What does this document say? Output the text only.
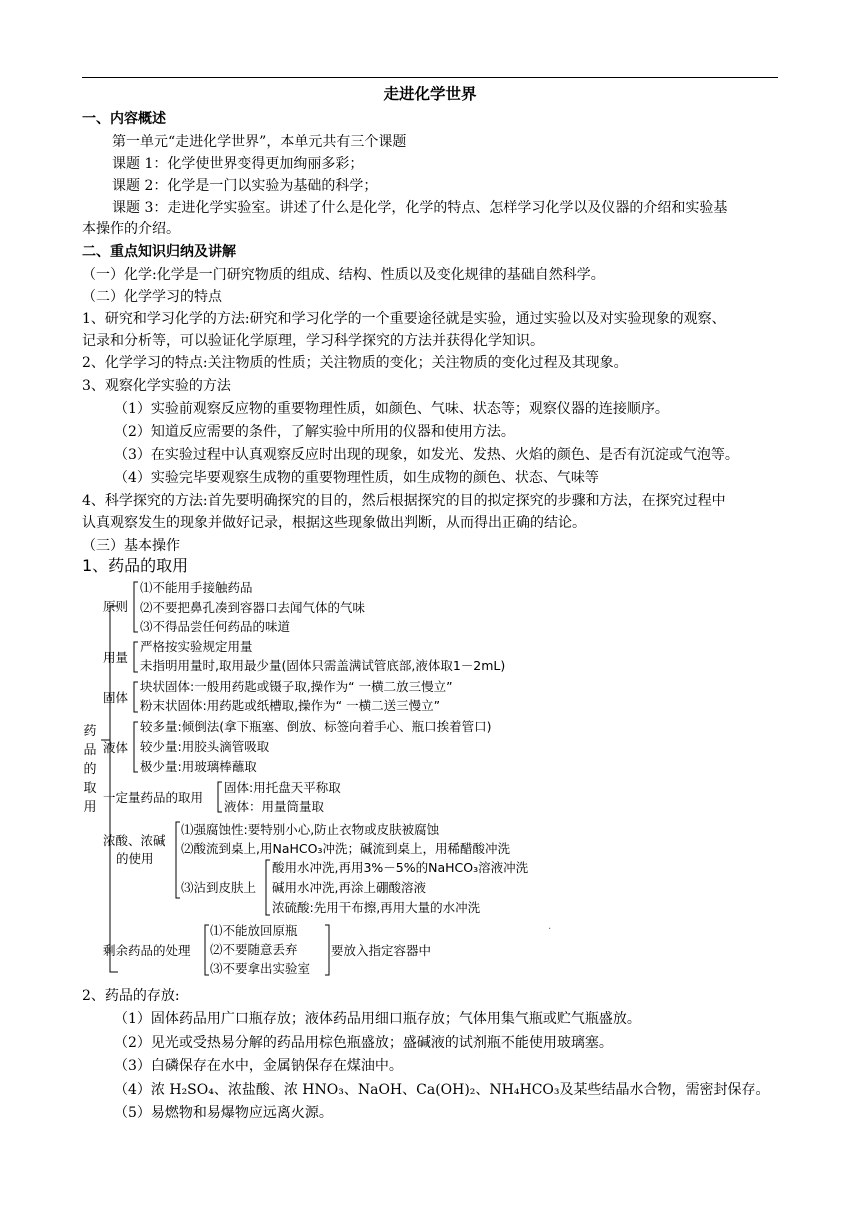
走进化学世界
一、内容概述
第一单元“走进化学世界”，本单元共有三个课题
课题 1：化学使世界变得更加绚丽多彩；
课题 2：化学是一门以实验为基础的科学；
课题 3：走进化学实验室。讲述了什么是化学，化学的特点、怎样学习化学以及仪器的介绍和实验基
本操作的介绍。
二、重点知识归纳及讲解
（一）化学:化学是一门研究物质的组成、结构、性质以及变化规律的基础自然科学。
（二）化学学习的特点
1、研究和学习化学的方法:研究和学习化学的一个重要途径就是实验，通过实验以及对实验现象的观察、
记录和分析等，可以验证化学原理，学习科学探究的方法并获得化学知识。
2、化学学习的特点:关注物质的性质；关注物质的变化；关注物质的变化过程及其现象。
3、观察化学实验的方法
（1）实验前观察反应物的重要物理性质，如颜色、气味、状态等；观察仪器的连接顺序。
（2）知道反应需要的条件，了解实验中所用的仪器和使用方法。
（3）在实验过程中认真观察反应时出现的现象，如发光、发热、火焰的颜色、是否有沉淀或气泡等。
（4）实验完毕要观察生成物的重要物理性质，如生成物的颜色、状态、气味等
4、科学探究的方法:首先要明确探究的目的，然后根据探究的目的拟定探究的步骤和方法，在探究过程中
认真观察发生的现象并做好记录，根据这些现象做出判断，从而得出正确的结论。
（三）基本操作
1、药品的取用
药
品
的
取
用
原则
⑴不能用手接触药品
⑵不要把鼻孔凑到容器口去闻气体的气味
⑶不得品尝任何药品的味道
用量
严格按实验规定用量
未指明用量时,取用最少量(固体只需盖满试管底部,液体取1－2mL)
固体
块状固体:一般用药匙或镊子取,操作为“ 一横二放三慢立”
粉末状固体:用药匙或纸槽取,操作为“ 一横二送三慢立”
液体
较多量:倾倒法(拿下瓶塞、倒放、标签向着手心、瓶口挨着管口)
较少量:用胶头滴管吸取
极少量:用玻璃棒蘸取
一定量药品的取用
固体:用托盘天平称取
液体：用量筒量取
浓酸、浓碱
的使用
⑴强腐蚀性:要特别小心,防止衣物或皮肤被腐蚀
⑵酸流到桌上,用NaHCO₃冲洗；碱流到桌上，用稀醋酸冲洗
⑶沾到皮肤上
酸用水冲洗,再用3%－5%的NaHCO₃溶液冲洗
碱用水冲洗,再涂上硼酸溶液
浓硫酸:先用干布擦,再用大量的水冲洗
.
剩余药品的处理
⑴不能放回原瓶
⑵不要随意丢弃
⑶不要拿出实验室
要放入指定容器中
2、药品的存放:
（1）固体药品用广口瓶存放；液体药品用细口瓶存放；气体用集气瓶或贮气瓶盛放。
（2）见光或受热易分解的药品用棕色瓶盛放；盛碱液的试剂瓶不能使用玻璃塞。
（3）白磷保存在水中，金属钠保存在煤油中。
（4）浓 H₂SO₄、浓盐酸、浓 HNO₃、NaOH、Ca(OH)₂、NH₄HCO₃及某些结晶水合物，需密封保存。
（5）易燃物和易爆物应远离火源。
